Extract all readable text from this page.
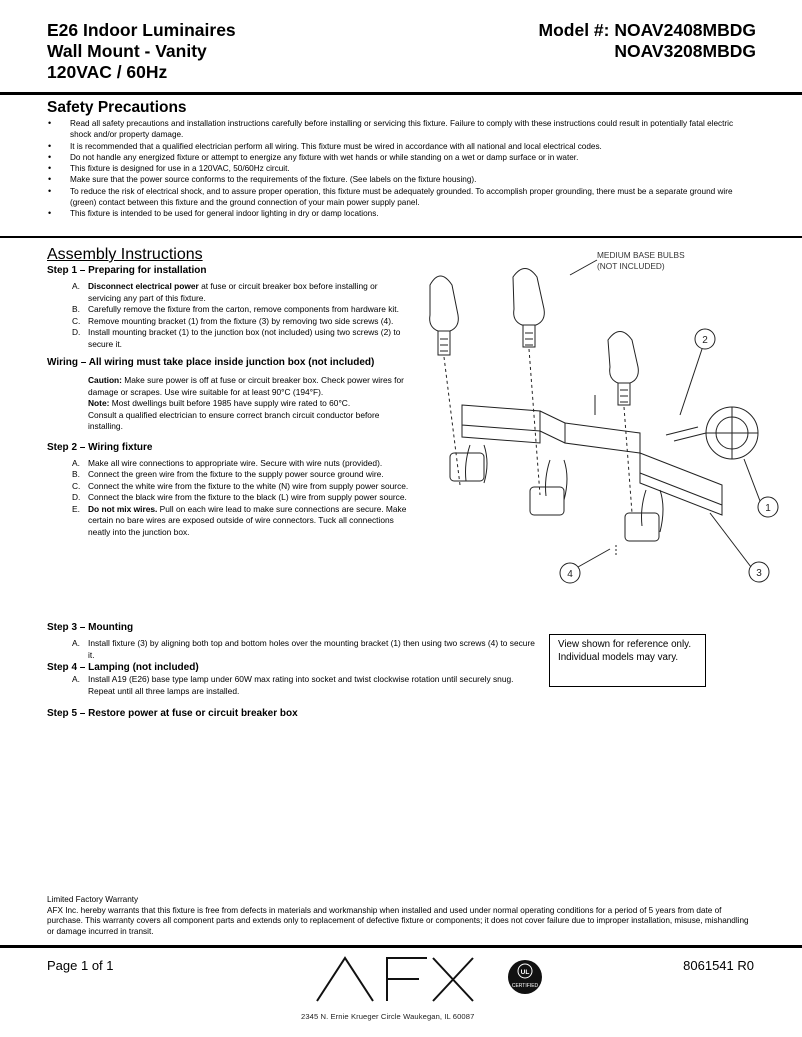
E26 Indoor Luminaires
Wall Mount - Vanity
120VAC / 60Hz
Model #: NOAV2408MBDG
NOAV3208MBDG
Safety Precautions
• Read all safety precautions and installation instructions carefully before installing or servicing this fixture. Failure to comply with these instructions could result in potentially fatal electric shock and/or property damage.
• It is recommended that a qualified electrician perform all wiring. This fixture must be wired in accordance with all national and local electrical codes.
• Do not handle any energized fixture or attempt to energize any fixture with wet hands or while standing on a wet or damp surface or in water.
• This fixture is designed for use in a 120VAC, 50/60Hz circuit.
• Make sure that the power source conforms to the requirements of the fixture. (See labels on the fixture housing).
• To reduce the risk of electrical shock, and to assure proper operation, this fixture must be adequately grounded. To accomplish proper grounding, there must be a separate ground wire (green) contact between this fixture and the ground connection of your main power supply panel.
• This fixture is intended to be used for general indoor lighting in dry or damp locations.
Assembly Instructions
Step 1 – Preparing for installation
A. Disconnect electrical power at fuse or circuit breaker box before installing or servicing any part of this fixture.
B. Carefully remove the fixture from the carton, remove components from hardware kit.
C. Remove mounting bracket (1) from the fixture (3) by removing two side screws (4).
D. Install mounting bracket (1) to the junction box (not included) using two screws (2) to secure it.
Wiring – All wiring must take place inside junction box (not included)
Caution: Make sure power is off at fuse or circuit breaker box. Check power wires for damage or scrapes. Use wire suitable for at least 90°C (194°F).
Note: Most dwellings built before 1985 have supply wire rated to 60°C.
Consult a qualified electrician to ensure correct branch circuit conductor before installing.
Step 2 – Wiring fixture
A. Make all wire connections to appropriate wire. Secure with wire nuts (provided).
B. Connect the green wire from the fixture to the supply power source ground wire.
C. Connect the white wire from the fixture to the white (N) wire from supply power source.
D. Connect the black wire from the fixture to the black (L) wire from supply power source.
E. Do not mix wires. Pull on each wire lead to make sure connections are secure. Make certain no bare wires are exposed outside of wire connectors. Tuck all connections neatly into the junction box.
Step 3 – Mounting
A. Install fixture (3) by aligning both top and bottom holes over the mounting bracket (1) then using two screws (4) to secure it.
Step 4 – Lamping (not included)
A. Install A19 (E26) base type lamp under 60W max rating into socket and twist clockwise rotation until securely snug. Repeat until all three lamps are installed.
Step 5 – Restore power at fuse or circuit breaker box
MEDIUM BASE BULBS
(NOT INCLUDED)
2
1
3
4
View shown for reference only. Individual models may vary.
Limited Factory Warranty
AFX Inc. hereby warrants that this fixture is free from defects in materials and workmanship when installed and used under normal operating conditions for a period of 5 years from date of purchase. This warranty covers all component parts and extends only to replacement of defective fixture or components; it does not cover failure due to improper installation, misuse, mishandling or damage incurred in transit.
Page 1 of 1	8061541 R0
UL
CERTIFIED
2345 N. Ernie Krueger Circle Waukegan, IL 60087
